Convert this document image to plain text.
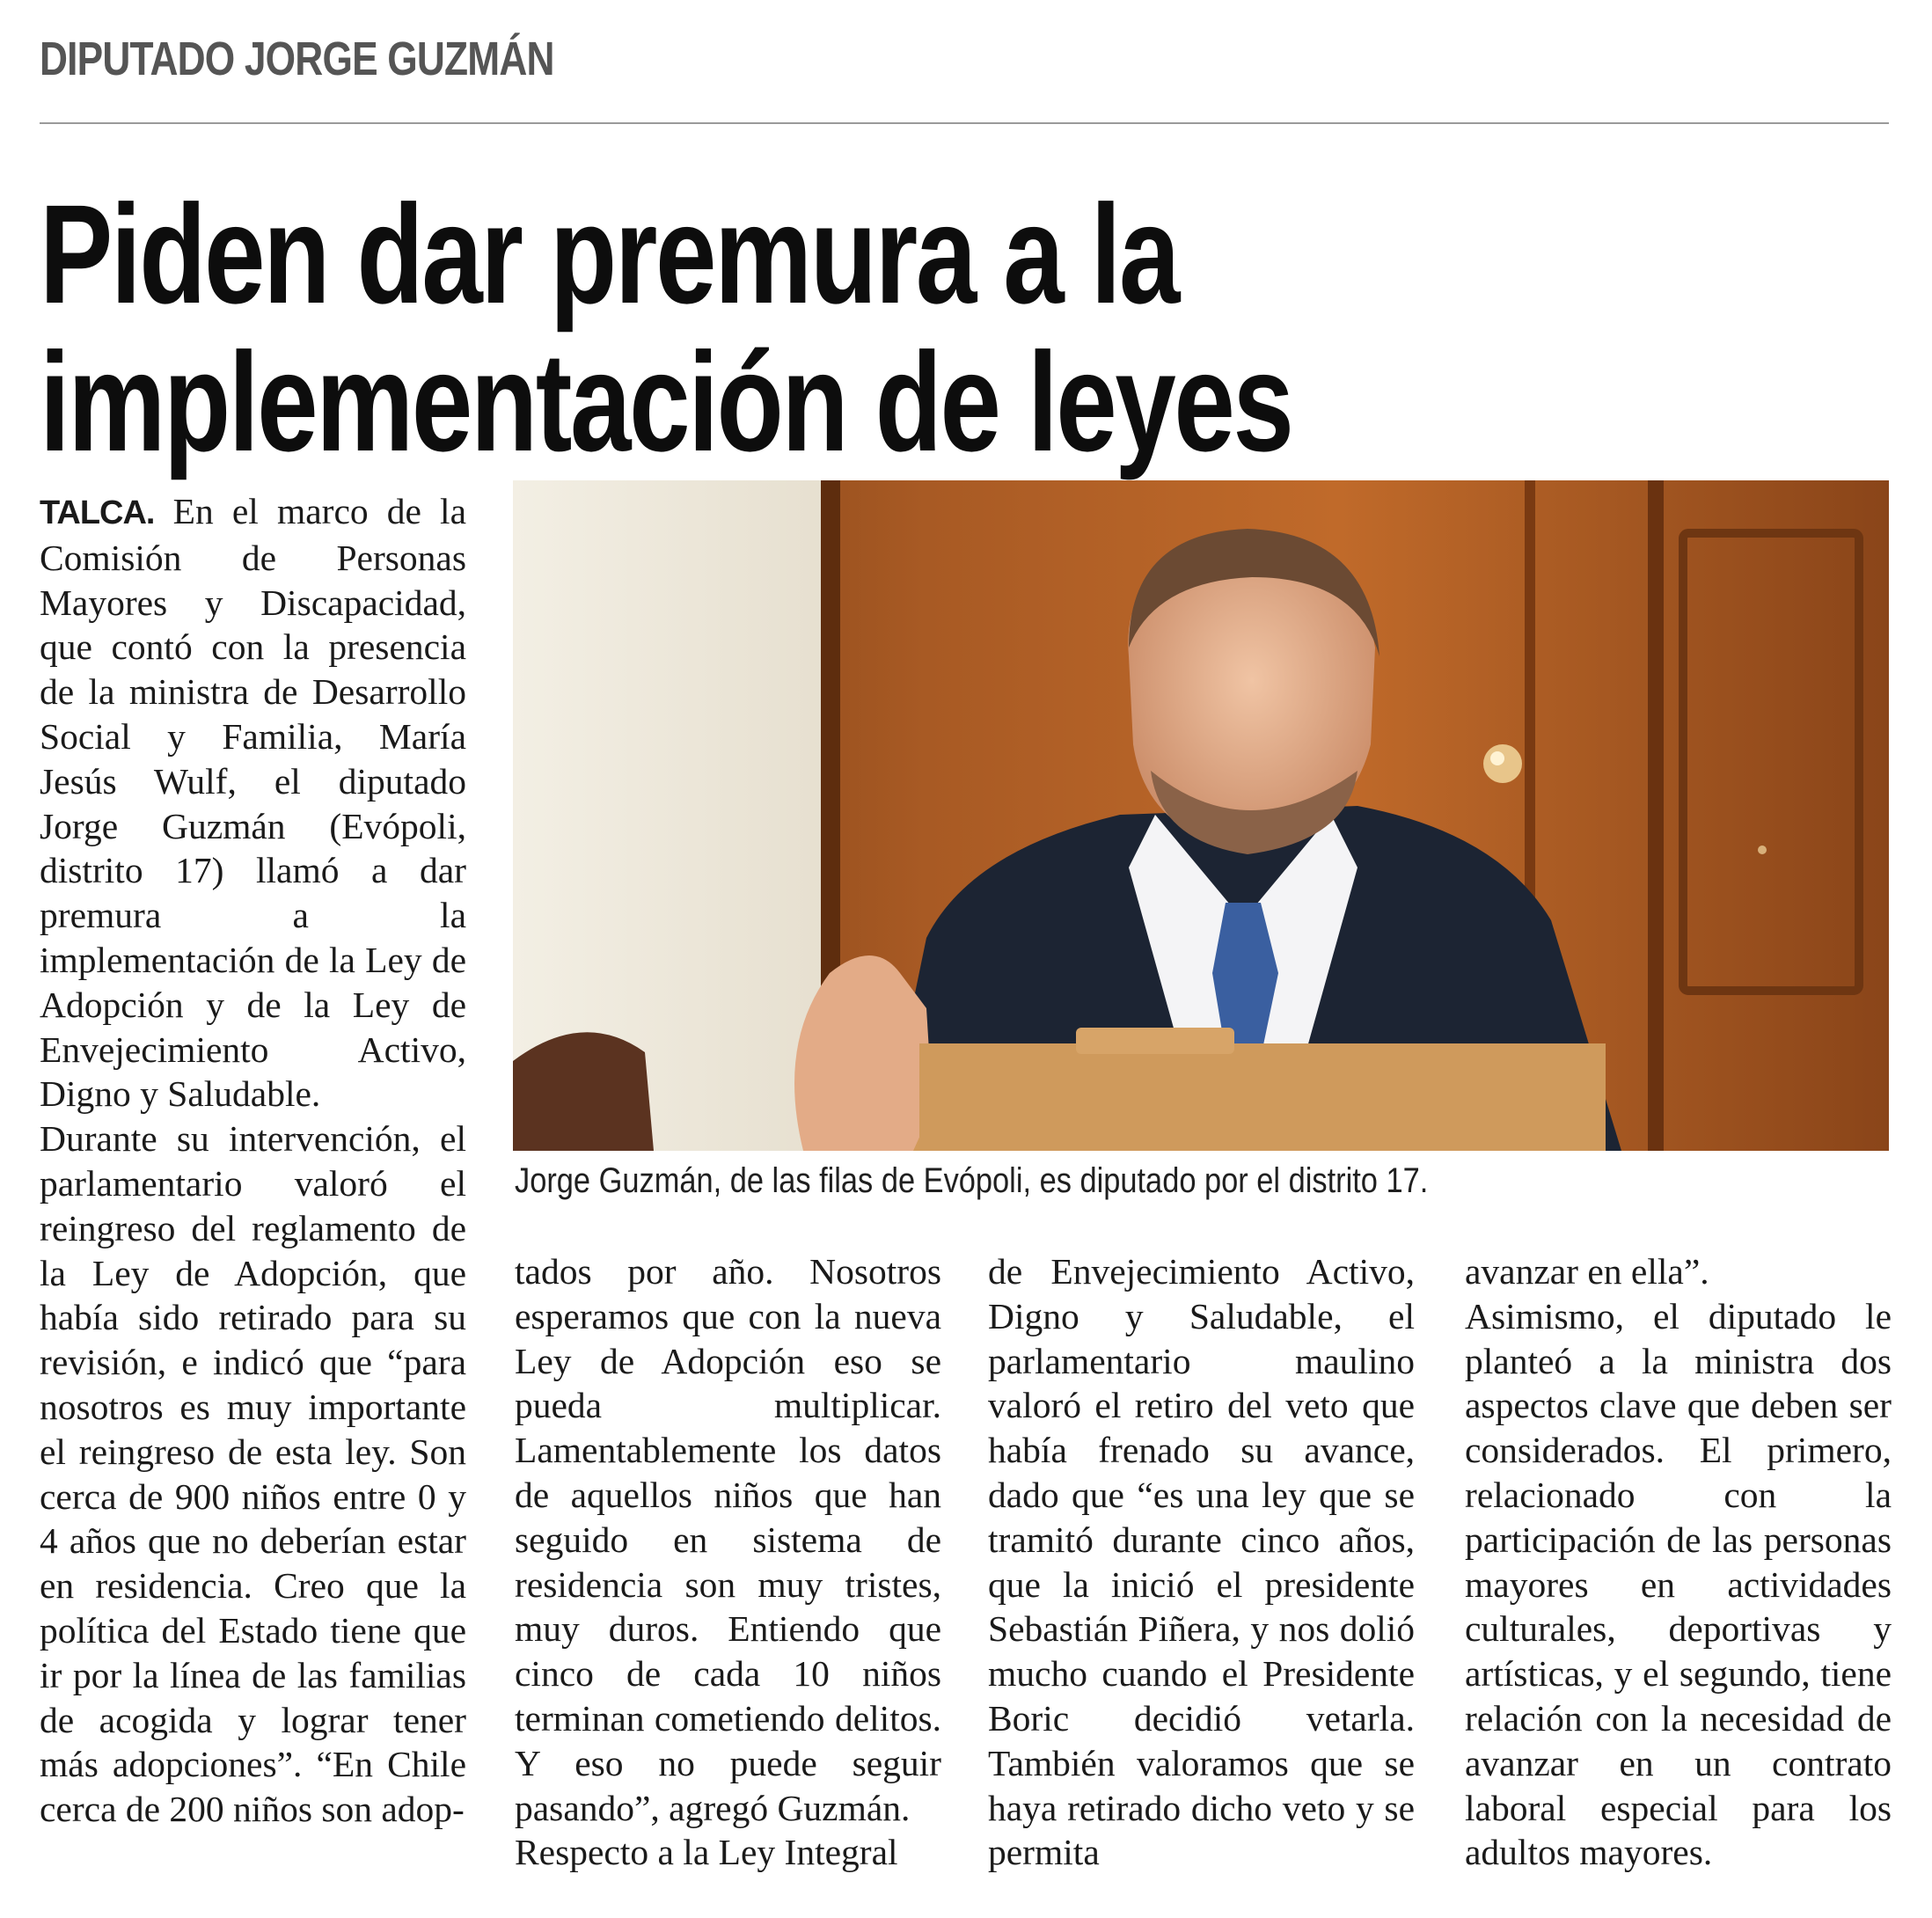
DIPUTADO JORGE GUZMÁN
Piden dar premura a la
implementación de leyes

TALCA. En el marco de la Comisión de Personas Mayores y Discapacidad, que contó con la presencia de la ministra de Desarrollo Social y Familia, María Jesús Wulf, el diputado Jorge Guzmán (Evópoli, distrito 17) llamó a dar premura a la implementación de la Ley de Adopción y de la Ley de Envejecimiento Activo, Digno y Saludable.

Durante su intervención, el parlamentario valoró el reingreso del reglamento de la Ley de Adopción, que había sido retirado para su revisión, e indicó que “para nosotros es muy importante el reingreso de esta ley. Son cerca de 900 niños entre 0 y 4 años que no deberían estar en residencia. Creo que la política del Estado tiene que ir por la línea de las familias de acogida y lograr tener más adopciones”. “En Chile cerca de 200 niños son adop-

Jorge Guzmán, de las filas de Evópoli, es diputado por el distrito 17.

tados por año. Nosotros esperamos que con la nueva Ley de Adopción eso se pueda multiplicar. Lamentablemente los datos de aquellos niños que han seguido en sistema de residencia son muy tristes, muy duros. Entiendo que cinco de cada 10 niños terminan cometiendo delitos. Y eso no puede seguir pasando”, agregó Guzmán.

Respecto a la Ley Integral

de Envejecimiento Activo, Digno y Saludable, el parlamentario maulino valoró el retiro del veto que había frenado su avance, dado que “es una ley que se tramitó durante cinco años, que la inició el presidente Sebastián Piñera, y nos dolió mucho cuando el Presidente Boric decidió vetarla. También valoramos que se haya retirado dicho veto y se permita

avanzar en ella”.

Asimismo, el diputado le planteó a la ministra dos aspectos clave que deben ser considerados. El primero, relacionado con la participación de las personas mayores en actividades culturales, deportivas y artísticas, y el segundo, tiene relación con la necesidad de avanzar en un contrato laboral especial para los adultos mayores.
